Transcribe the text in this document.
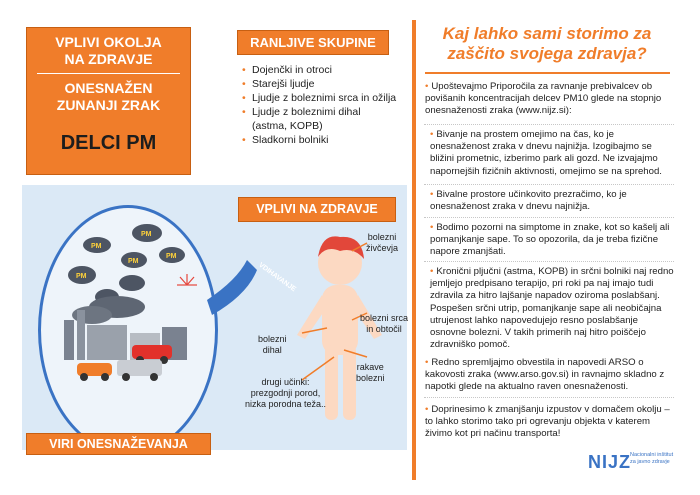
VPLIVI OKOLJA
NA ZDRAVJE
ONESNAŽEN
ZUNANJI ZRAK
DELCI PM
RANLJIVE SKUPINE
• Dojenčki in otroci
• Starejši ljudje
• Ljudje z boleznimi srca in ožilja
• Ljudje z boleznimi dihal
(astma, KOPB)
• Sladkorni bolniki
PM
PM
PM
PM
PM	VDIHAVANJE
VPLIVI NA ZDRAVJE
bolezni
živčevja
bolezni srca
in obtočil
bolezni
dihal
rakave
bolezni
drugi učinki:
prezgodnji porod,
nizka porodna teža..
VIRI ONESNAŽEVANJA
Kaj lahko sami storimo za
zaščito svojega zdravja?
• Upoštevajmo Priporočila za ravnanje prebivalcev ob povišanih koncentracijah delcev PM10 glede na stopnjo onesnaženosti zraka (www.nijz.si):
• Bivanje na prostem omejimo na čas, ko je onesnaženost zraka v dnevu najnižja. Izogibajmo se bližini prometnic, izberimo park ali gozd. Ne izvajajmo napornejših fizičnih aktivnosti, omejimo se na sprehod.
• Bivalne prostore učinkovito prezračimo, ko je onesnaženost zraka v dnevu najnižja.
• Bodimo pozorni na simptome in znake, kot so kašelj ali pomanjkanje sape. To so opozorila, da je treba fizične napore zmanjšati.
• Kronični pljučni (astma, KOPB) in srčni bolniki naj redno jemljejo predpisano terapijo, pri roki pa naj imajo tudi zdravila za hitro lajšanje napadov oziroma poslabšanj. Pospešen srčni utrip, pomanjkanje sape ali neobičajna utrujenost lahko napovedujejo resno poslabšanje osnovne bolezni. V takih primerih naj hitro poiščejo zdravniško pomoč.
• Redno spremljajmo obvestila in napovedi ARSO o kakovosti zraka (www.arso.gov.si) in ravnajmo skladno z napotki glede na aktualno raven onesnaženosti.
• Doprinesimo k zmanjšanju izpustov v domačem okolju – to lahko storimo tako pri ogrevanju objekta v katerem živimo kot pri načinu transporta!
NIJZ
Nacionalni inštitut
za javno zdravje
